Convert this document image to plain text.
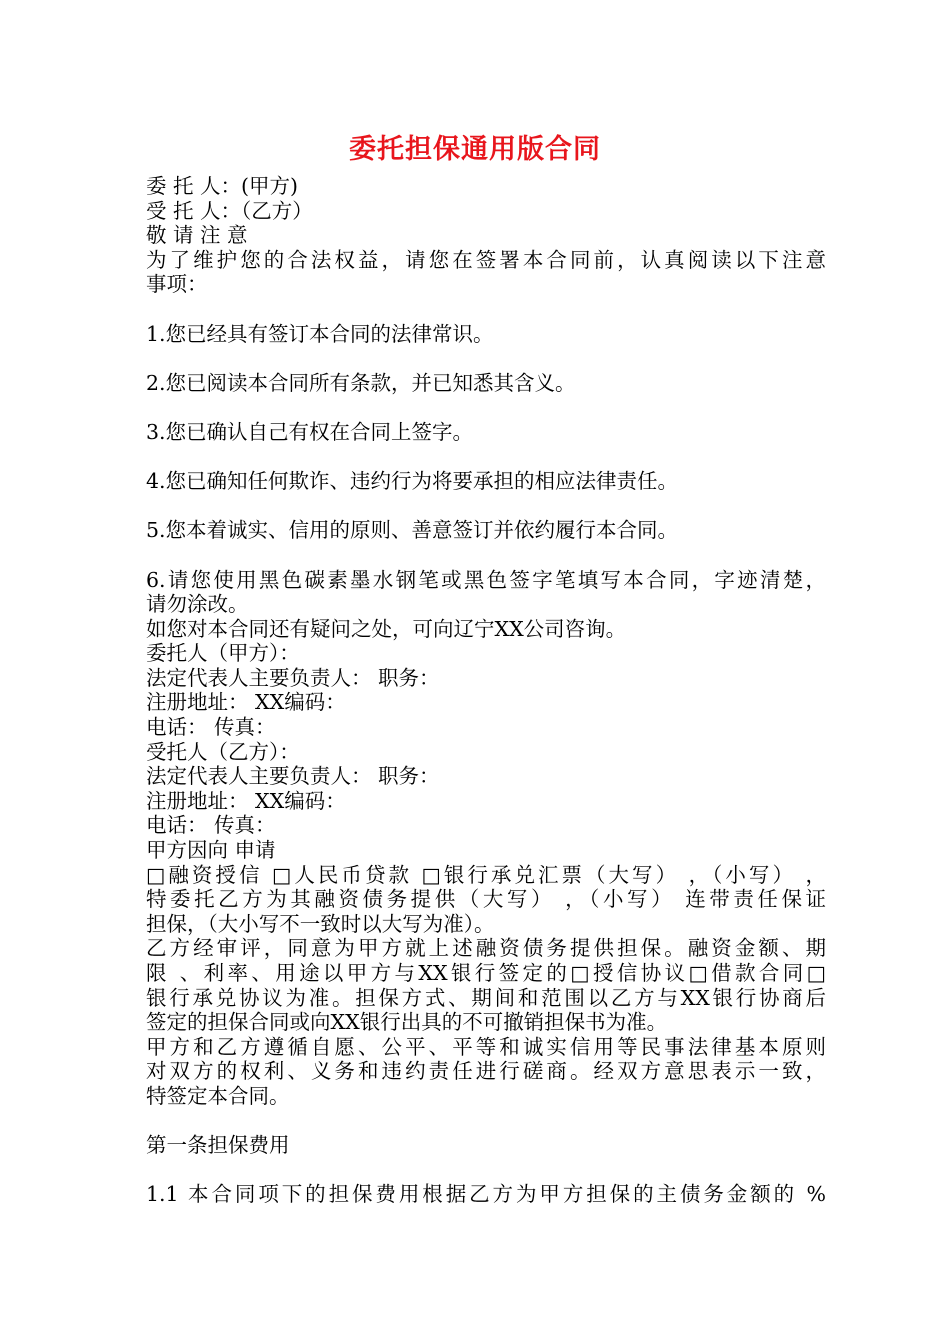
委托担保通用版合同
委 托 人：(甲方)
受 托 人：（乙方）
敬 请 注 意
为了维护您的合法权益，请您在签署本合同前，认真阅读以下注意
事项：
1.您已经具有签订本合同的法律常识。
2.您已阅读本合同所有条款，并已知悉其含义。
3.您已确认自己有权在合同上签字。
4.您已确知任何欺诈、违约行为将要承担的相应法律责任。
5.您本着诚实、信用的原则、善意签订并依约履行本合同。
6.请您使用黑色碳素墨水钢笔或黑色签字笔填写本合同，字迹清楚，
请勿涂改。
如您对本合同还有疑问之处，可向辽宁XX公司咨询。
委托人（甲方）：
法定代表人主要负责人： 职务：
注册地址： XX编码：
电话： 传真：
受托人（乙方）：
法定代表人主要负责人： 职务：
注册地址： XX编码：
电话： 传真：
甲方因向 申请
□融资授信 □人民币贷款 □银行承兑汇票（大写） ，（小写） ，
特委托乙方为其融资债务提供（大写） ，（小写） 连带责任保证
担保，（大小写不一致时以大写为准）。
乙方经审评，同意为甲方就上述融资债务提供担保。融资金额、期
限 、利率、用途以甲方与XX银行签定的□授信协议□借款合同□
银行承兑协议为准。担保方式、期间和范围以乙方与XX银行协商后
签定的担保合同或向XX银行出具的不可撤销担保书为准。
甲方和乙方遵循自愿、公平、平等和诚实信用等民事法律基本原则
对双方的权利、义务和违约责任进行磋商。经双方意思表示一致，
特签定本合同。
第一条担保费用
1.1 本合同项下的担保费用根据乙方为甲方担保的主债务金额的 %
